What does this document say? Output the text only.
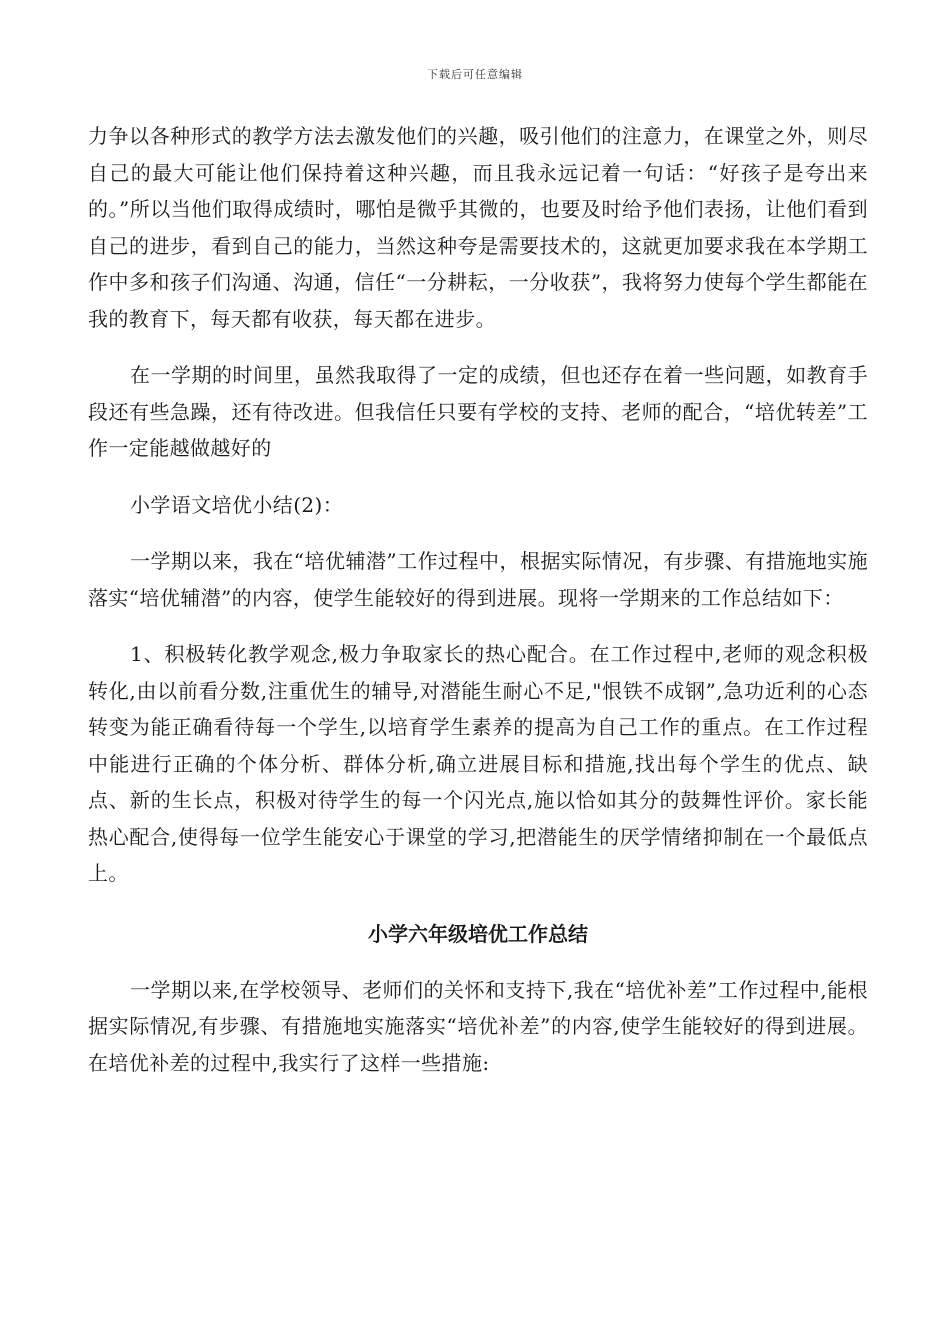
下载后可任意编辑

力争以各种形式的教学方法去激发他们的兴趣，吸引他们的注意力，在课堂之外，则尽自己的最大可能让他们保持着这种兴趣，而且我永远记着一句话：“好孩子是夸出来的。”所以当他们取得成绩时，哪怕是微乎其微的，也要及时给予他们表扬，让他们看到自己的进步，看到自己的能力，当然这种夸是需要技术的，这就更加要求我在本学期工作中多和孩子们沟通、沟通，信任“一分耕耘，一分收获”，我将努力使每个学生都能在我的教育下，每天都有收获，每天都在进步。

在一学期的时间里，虽然我取得了一定的成绩，但也还存在着一些问题，如教育手段还有些急躁，还有待改进。但我信任只要有学校的支持、老师的配合，“培优转差”工作一定能越做越好的

小学语文培优小结(2)：

一学期以来，我在“培优辅潜”工作过程中，根据实际情况，有步骤、有措施地实施落实“培优辅潜”的内容，使学生能较好的得到进展。现将一学期来的工作总结如下：

1、积极转化教学观念,极力争取家长的热心配合。在工作过程中,老师的观念积极转化,由以前看分数,注重优生的辅导,对潜能生耐心不足,"恨铁不成钢”,急功近利的心态转变为能正确看待每一个学生,以培育学生素养的提高为自己工作的重点。在工作过程中能进行正确的个体分析、群体分析,确立进展目标和措施,找出每个学生的优点、缺点、新的生长点，积极对待学生的每一个闪光点,施以恰如其分的鼓舞性评价。家长能热心配合,使得每一位学生能安心于课堂的学习,把潜能生的厌学情绪抑制在一个最低点上。

小学六年级培优工作总结

一学期以来,在学校领导、老师们的关怀和支持下,我在“培优补差”工作过程中,能根据实际情况,有步骤、有措施地实施落实“培优补差”的内容,使学生能较好的得到进展。在培优补差的过程中,我实行了这样一些措施:
